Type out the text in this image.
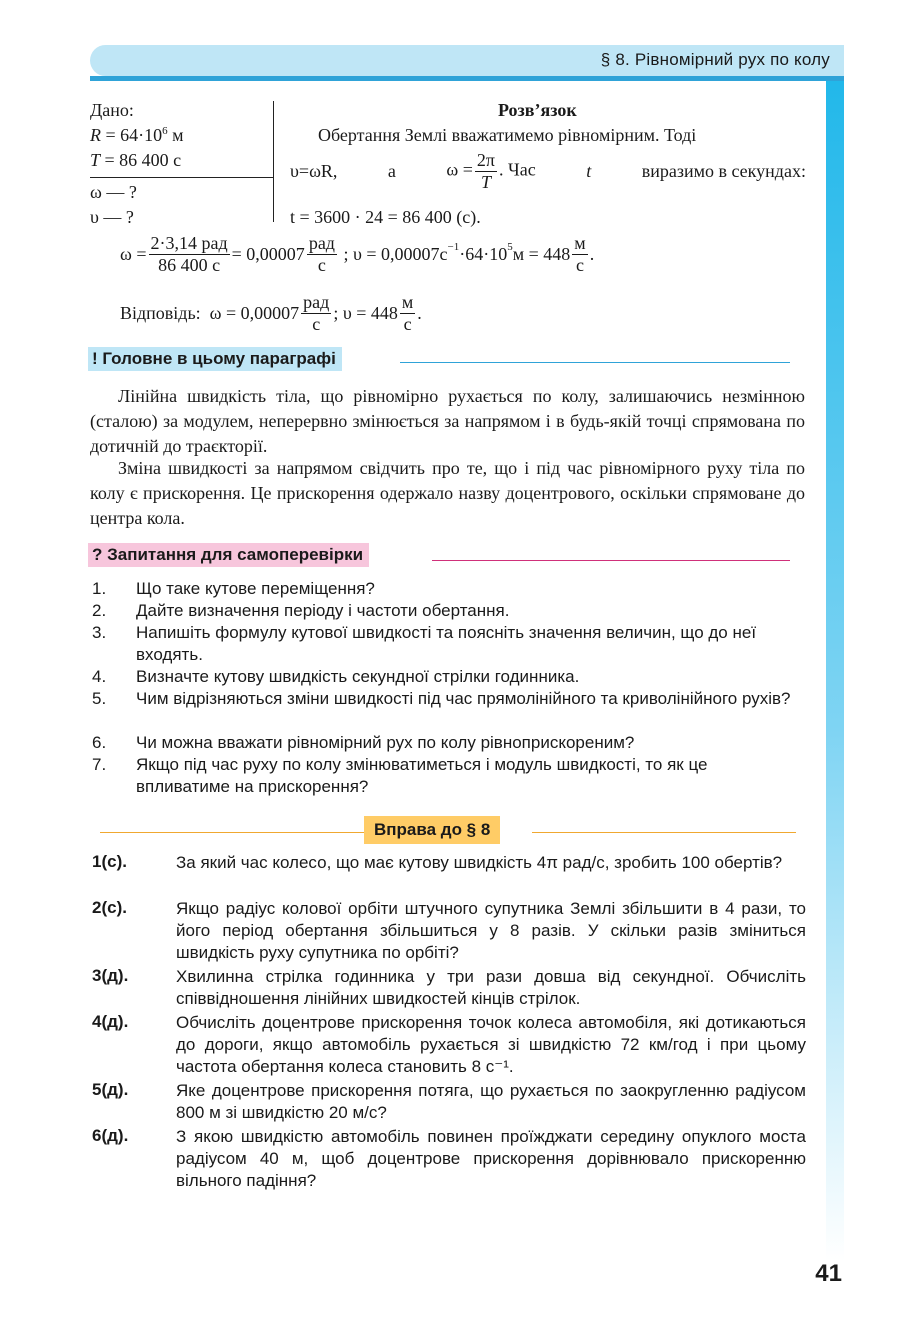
§ 8. Рівномірний рух по колу
Дано:
$R = 64\cdot 10^6$ м
T = 86 400 с
ω — ?
υ — ?
Розв’язок
Обертання Землі вважатимемо рівномірним. Тоді
υ=ωR,	а	$\omega = \frac{2\pi}{T}$ . Час	t	виразимо в секундах:
t = 3600 · 24 = 86 400 (с).
$\omega = \frac{\text{2·3,14 рад}}{86 400 с} = 0,00007 \frac{\text{рад}}{с}$
; $\upsilon = 0,00007с^{-1} \cdot 64\cdot 10^5$ $м = 448 \frac{м}{с}$ .
Відповідь:
$\omega = 0,00007 \frac{\text{рад}}{с}$ ; $\upsilon = 448 \frac{м}{с}$ .
! Головне в цьому параграфі
Лінійна швидкість тіла, що рівномірно рухається по колу, залишаючись незмінною (сталою) за модулем, неперервно змінюється за напрямом і в будь-якій точці спрямована по дотичній до траєкторії.
Зміна швидкості за напрямом свідчить про те, що і під час рівномірного руху тіла по колу є прискорення. Це прискорення одержало назву доцентрового, оскільки спрямоване до центра кола.
? Запитання для самоперевірки
1. Що таке кутове переміщення?
2. Дайте визначення періоду і частоти обертання.
3. Напишіть формулу кутової швидкості та поясніть значення величин, що до неї входять.
4. Визначте кутову швидкість секундної стрілки годинника.
5. Чим відрізняються зміни швидкості під час прямолінійного та криволінійного рухів?
6. Чи можна вважати рівномірний рух по колу рівноприскореним?
7. Якщо під час руху по колу змінюватиметься і модуль швидкості, то як це впливатиме на прискорення?
Вправа до § 8
1(с).	За який час колесо, що має кутову швидкість 4π рад/с, зробить 100 обертів?
2(с).	Якщо радіус колової орбіти штучного супутника Землі збільшити в 4 рази, то його період обертання збільшиться у 8 разів. У скільки разів зміниться швидкість руху супутника по орбіті?
3(д).	Хвилинна стрілка годинника у три рази довша від секундної. Обчисліть співвідношення лінійних швидкостей кінців стрілок.
4(д).	Обчисліть доцентрове прискорення точок колеса автомобіля, які дотикаються до дороги, якщо автомобіль рухається зі швидкістю 72 км/год і при цьому частота обертання колеса становить 8 с⁻¹.
5(д).	Яке доцентрове прискорення потяга, що рухається по заокругленню радіусом 800 м зі швидкістю 20 м/с?
6(д).	З якою швидкістю автомобіль повинен проїжджати середину опуклого моста радіусом 40 м, щоб доцентрове прискорення дорівнювало прискоренню вільного падіння?
41
